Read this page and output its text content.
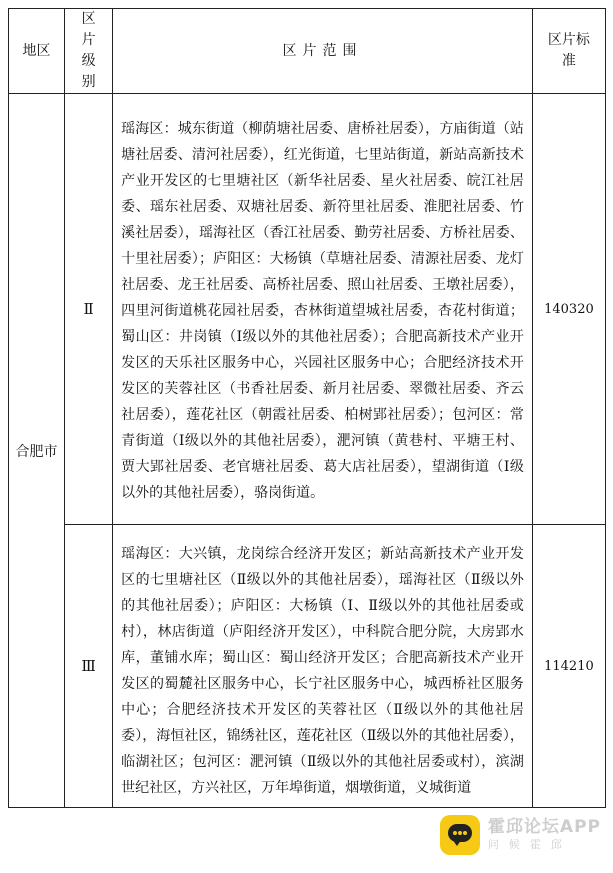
地区	区片级别	区片范围	区片标准
合肥市	Ⅱ	瑶海区：城东街道（柳荫塘社居委、唐桥社居委），方庙街道（站塘社居委、清河社居委），红光街道，七里站街道，新站高新技术产业开发区的七里塘社区（新华社居委、星火社居委、皖江社居委、瑶东社居委、双塘社居委、新符里社居委、淮肥社居委、竹溪社居委），瑶海社区（香江社居委、勤劳社居委、方桥社居委、十里社居委）；庐阳区：大杨镇（草塘社居委、清源社居委、龙灯社居委、龙王社居委、高桥社居委、照山社居委、王墩社居委），四里河街道桃花园社居委，杏林街道望城社居委，杏花村街道；蜀山区：井岗镇（Ⅰ级以外的其他社居委）；合肥高新技术产业开发区的天乐社区服务中心，兴园社区服务中心；合肥经济技术开发区的芙蓉社区（书香社居委、新月社居委、翠微社居委、齐云社居委），莲花社区（朝霞社居委、柏树郢社居委）；包河区：常青街道（Ⅰ级以外的其他社居委），淝河镇（黄巷村、平塘王村、贾大郢社居委、老官塘社居委、葛大店社居委），望湖街道（Ⅰ级以外的其他社居委），骆岗街道。	140320
	Ⅲ	瑶海区：大兴镇，龙岗综合经济开发区；新站高新技术产业开发区的七里塘社区（Ⅱ级以外的其他社居委），瑶海社区（Ⅱ级以外的其他社居委）；庐阳区：大杨镇（Ⅰ、Ⅱ级以外的其他社居委或村），林店街道（庐阳经济开发区），中科院合肥分院，大房郢水库，董铺水库；蜀山区：蜀山经济开发区；合肥高新技术产业开发区的蜀麓社区服务中心，长宁社区服务中心，城西桥社区服务中心；合肥经济技术开发区的芙蓉社区（Ⅱ级以外的其他社居委），海恒社区，锦绣社区，莲花社区（Ⅱ级以外的其他社居委），临湖社区；包河区：淝河镇（Ⅱ级以外的其他社居委或村），滨湖世纪社区，方兴社区，万年埠街道，烟墩街道，义城街道	114210
霍邱论坛APP
问候霍邱
